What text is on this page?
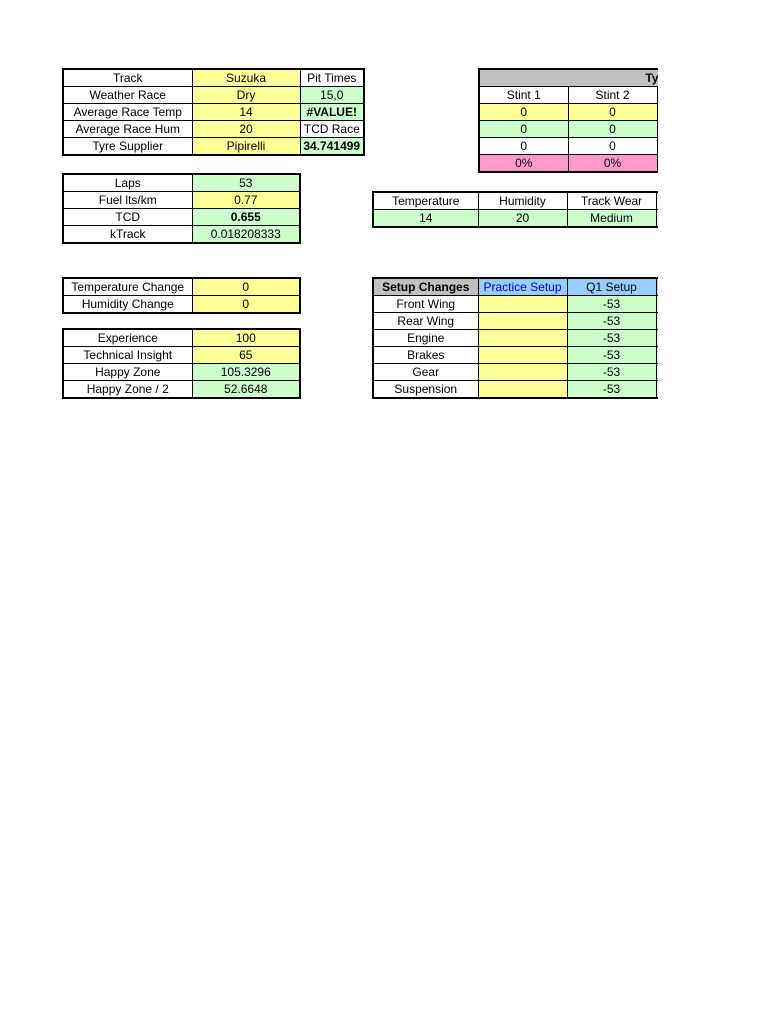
Track	Suzuka	Pit Times
Weather Race	Dry	15,0
Average Race Temp	14	#VALUE!
Average Race Hum	20	TCD Race
Tyre Supplier	Pipirelli	34.741499
Laps	53
Fuel lts/km	0.77
TCD	0.655
kTrack	0.018208333
Temperature Change	0
Humidity Change	0
Experience	100
Technical Insight	65
Happy Zone	105.3296
Happy Zone / 2	52.6648
Ty		
Stint 1	Stint 2	
0	0	
0	0	
0	0	
0%	0%	
Temperature	Humidity	Track Wear	
14	20	Medium	
Setup Changes	Practice Setup	Q1 Setup	
Front Wing		-53	
Rear Wing		-53	
Engine		-53	
Brakes		-53	
Gear		-53	
Suspension		-53	
